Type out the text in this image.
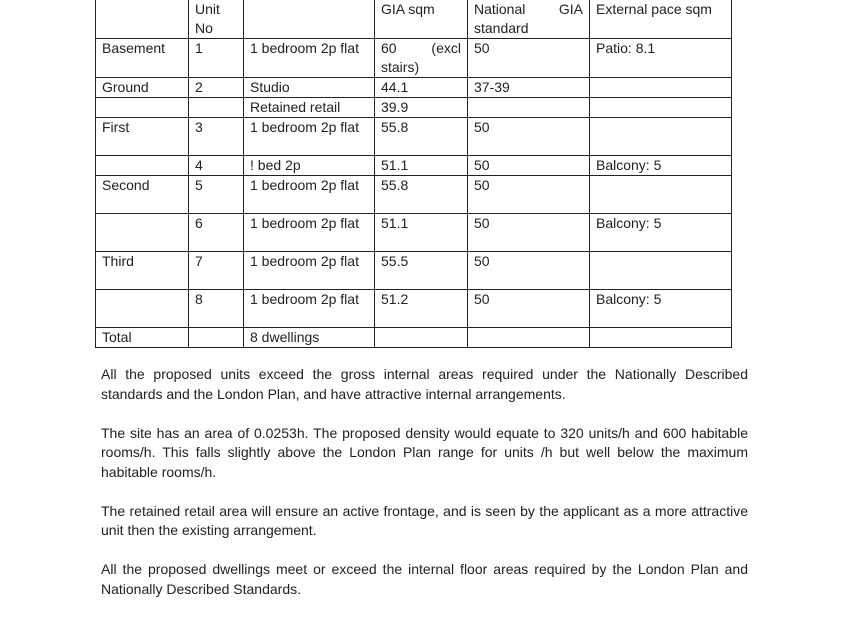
	Unit No		GIA sqm	National GIA standard	External pace sqm
Basement	1	1 bedroom 2p flat	60 (excl stairs)	50	Patio: 8.1
Ground	2	Studio	44.1	37-39	
		Retained retail	39.9		
First	3	1 bedroom 2p flat	55.8	50	
	4	! bed 2p	51.1	50	Balcony: 5
Second	5	1 bedroom 2p flat	55.8	50	
	6	1 bedroom 2p flat	51.1	50	Balcony: 5
Third	7	1 bedroom 2p flat	55.5	50	
	8	1 bedroom 2p flat	51.2	50	Balcony: 5
Total		8 dwellings			

All the proposed units exceed the gross internal areas required under the Nationally Described standards and the London Plan, and have attractive internal arrangements.

The site has an area of 0.0253h. The proposed density would equate to 320 units/h and 600 habitable rooms/h. This falls slightly above the London Plan range for units /h but well below the maximum habitable rooms/h.

The retained retail area will ensure an active frontage, and is seen by the applicant as a more attractive unit then the existing arrangement.

All the proposed dwellings meet or exceed the internal floor areas required by the London Plan and Nationally Described Standards.
